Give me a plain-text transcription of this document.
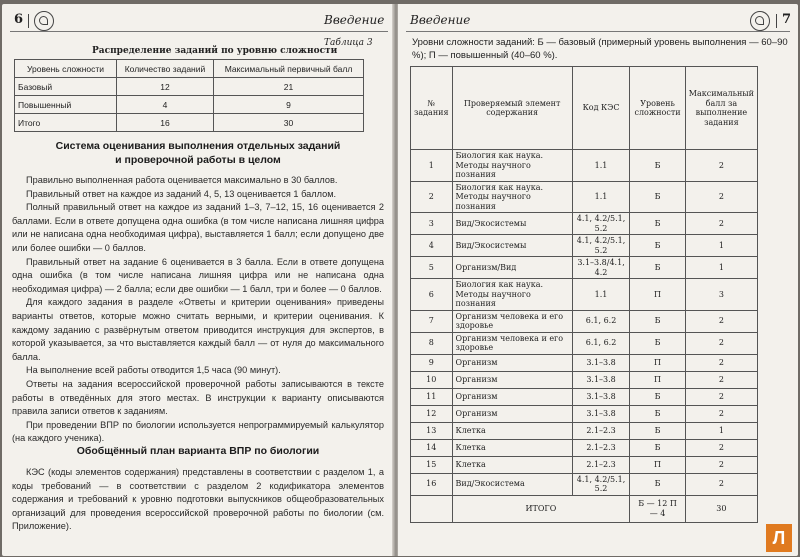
6	Введение
Таблица 3
Распределение заданий по уровню сложности
Уровень сложности	Количество заданий	Максимальный первичный балл
Базовый	12	21
Повышенный	4	9
Итого	16	30
Система оценивания выполнения отдельных заданий
и проверочной работы в целом

Правильно выполненная работа оценивается максимально в 30 баллов.

Правильный ответ на каждое из заданий 4, 5, 13 оценивается 1 баллом.

Полный правильный ответ на каждое из заданий 1–3, 7–12, 15, 16 оценивается 2 баллами. Если в ответе допущена одна ошибка (в том числе написана лишняя цифра или не написана одна необходимая цифра), выставляется 1 балл; если допущено две или более ошибки — 0 баллов.

Правильный ответ на задание 6 оценивается в 3 балла. Если в ответе допущена одна ошибка (в том числе написана лишняя цифра или не написана одна необходимая цифра) — 2 балла; если две ошибки — 1 балл, три и более — 0 баллов.

Для каждого задания в разделе «Ответы и критерии оценивания» приведены варианты ответов, которые можно считать верными, и критерии оценивания. К каждому заданию с развёрнутым ответом приводится инструкция для экспертов, в которой указывается, за что выставляется каждый балл — от нуля до максимального балла.

На выполнение всей работы отводится 1,5 часа (90 минут).

Ответы на задания всероссийской проверочной работы записываются в тексте работы в отведённых для этого местах. В инструкции к варианту описываются правила записи ответов к заданиям.

При проведении ВПР по биологии используется непрограммируемый калькулятор (на каждого ученика).

Обобщённый план варианта ВПР по биологии

КЭС (коды элементов содержания) представлены в соответствии с разделом 1, а коды требований — в соответствии с разделом 2 кодификатора элементов содержания и требований к уровню подготовки выпускников общеобразовательных организаций для проведения всероссийской проверочной работы по биологии (см. Приложение).

Введение	7
Уровни сложности заданий: Б — базовый (примерный уровень выполнения — 60–90 %); П — повышенный (40–60 %).
№ задания	Проверяемый элемент содержания	Код КЭС	Уровень сложности	Максимальный балл за выполнение задания
1	Биология как наука. Методы научного познания	1.1	Б	2
2	Биология как наука. Методы научного познания	1.1	Б	2
3	Вид/Экосистемы	4.1, 4.2/5.1, 5.2	Б	2
4	Вид/Экосистемы	4.1, 4.2/5.1, 5.2	Б	1
5	Организм/Вид	3.1–3.8/4.1, 4.2	Б	1
6	Биология как наука. Методы научного познания	1.1	П	3
7	Организм человека и его здоровье	6.1, 6.2	Б	2
8	Организм человека и его здоровье	6.1, 6.2	Б	2
9	Организм	3.1–3.8	П	2
10	Организм	3.1–3.8	П	2
11	Организм	3.1–3.8	Б	2
12	Организм	3.1–3.8	Б	2
13	Клетка	2.1–2.3	Б	1
14	Клетка	2.1–2.3	Б	2
15	Клетка	2.1–2.3	П	2
16	Вид/Экосистема	4.1, 4.2/5.1, 5.2	Б	2
	ИТОГО		Б — 12 П — 4	30
Л
